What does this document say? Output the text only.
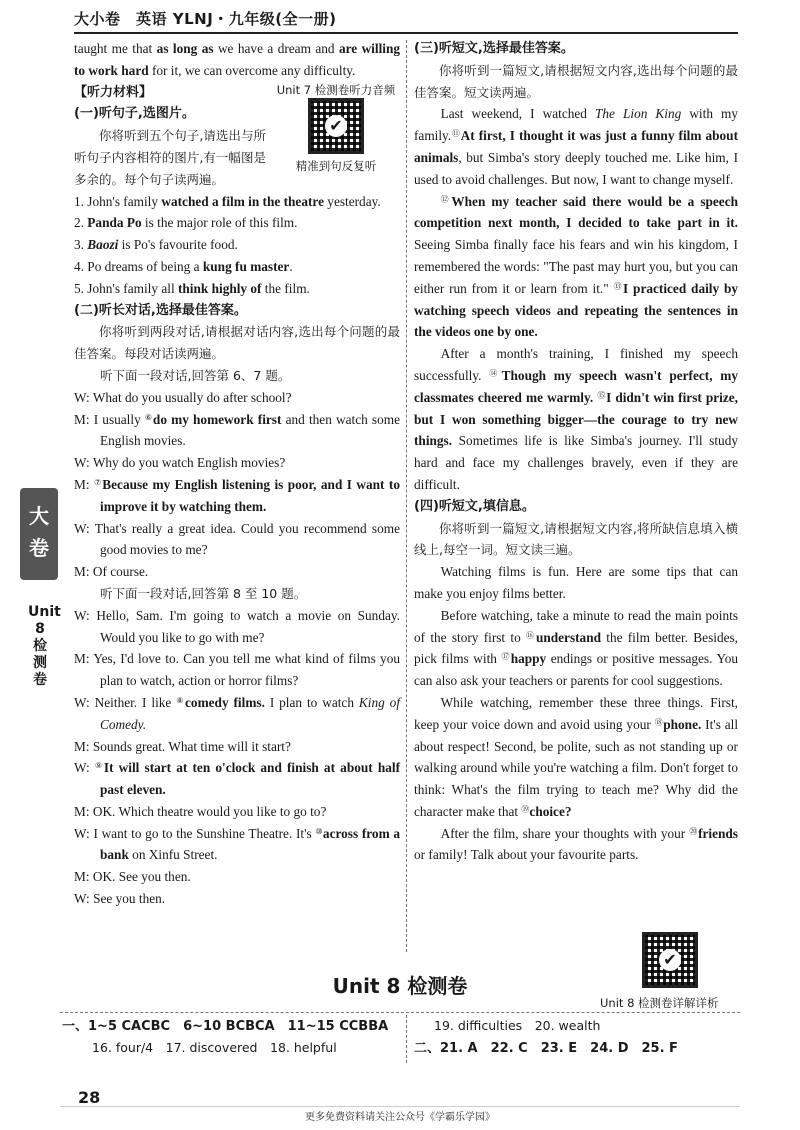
大小卷　英语 YLNJ・九年级(全一册)
大
卷
Unit 8 检测卷

taught me that as long as we have a dream and are willing to work hard for it, we can overcome any difficulty.

Unit 7 检测卷听力音频
✔
精准到句反复听

【听力材料】

(一)听句子,选图片。

你将听到五个句子,请选出与所听句子内容相符的图片,有一幅图是多余的。每个句子读两遍。

1. John's family watched a film in the theatre yesterday.

2. Panda Po is the major role of this film.

3. Baozi is Po's favourite food.

4. Po dreams of being a kung fu master.

5. John's family all think highly of the film.

(二)听长对话,选择最佳答案。

你将听到两段对话,请根据对话内容,选出每个问题的最佳答案。每段对话读两遍。

听下面一段对话,回答第 6、7 题。

W: What do you usually do after school?

M: I usually ⑥do my homework first and then watch some English movies.

W: Why do you watch English movies?

M: ⑦Because my English listening is poor, and I want to improve it by watching them.

W: That's really a great idea. Could you recommend some good movies to me?

M: Of course.

听下面一段对话,回答第 8 至 10 题。

W: Hello, Sam. I'm going to watch a movie on Sunday. Would you like to go with me?

M: Yes, I'd love to. Can you tell me what kind of films you plan to watch, action or horror films?

W: Neither. I like ⑧comedy films. I plan to watch King of Comedy.

M: Sounds great. What time will it start?

W: ⑨It will start at ten o'clock and finish at about half past eleven.

M: OK. Which theatre would you like to go to?

W: I want to go to the Sunshine Theatre. It's ⑩across from a bank on Xinfu Street.

M: OK. See you then.

W: See you then.

(三)听短文,选择最佳答案。

你将听到一篇短文,请根据短文内容,选出每个问题的最佳答案。短文读两遍。

Last weekend, I watched The Lion King with my family.⑪At first, I thought it was just a funny film about animals, but Simba's story deeply touched me. Like him, I used to avoid challenges. But now, I want to change myself.

⑫When my teacher said there would be a speech competition next month, I decided to take part in it. Seeing Simba finally face his fears and win his kingdom, I remembered the words: "The past may hurt you, but you can either run from it or learn from it." ⑬I practiced daily by watching speech videos and repeating the sentences in the videos one by one.

After a month's training, I finished my speech successfully. ⑭Though my speech wasn't perfect, my classmates cheered me warmly. ⑮I didn't win first prize, but I won something bigger—the courage to try new things. Sometimes life is like Simba's journey. I'll study hard and face my challenges bravely, even if they are difficult.

(四)听短文,填信息。

你将听到一篇短文,请根据短文内容,将所缺信息填入横线上,每空一词。短文读三遍。

Watching films is fun. Here are some tips that can make you enjoy films better.

Before watching, take a minute to read the main points of the story first to ⑯understand the film better. Besides, pick films with ⑰happy endings or positive messages. You can also ask your teachers or parents for cool suggestions.

While watching, remember these three things. First, keep your voice down and avoid using your ⑱phone. It's all about respect! Second, be polite, such as not standing up or walking around while you're watching a film. Don't forget to think: What's the film trying to teach me? Why did the character make that ⑲choice?

After the film, share your thoughts with your ⑳friends or family! Talk about your favourite parts.

✔
Unit 8 检测卷
Unit 8 检测卷详解详析
一、1~5 CACBC　6~10 BCBCA　11~15 CCBBA
16. four/4　17. discovered　18. helpful
19. difficulties　20. wealth
二、21. A　22. C　23. E　24. D　25. F
28
更多免费资料请关注公众号《学霸乐学园》
